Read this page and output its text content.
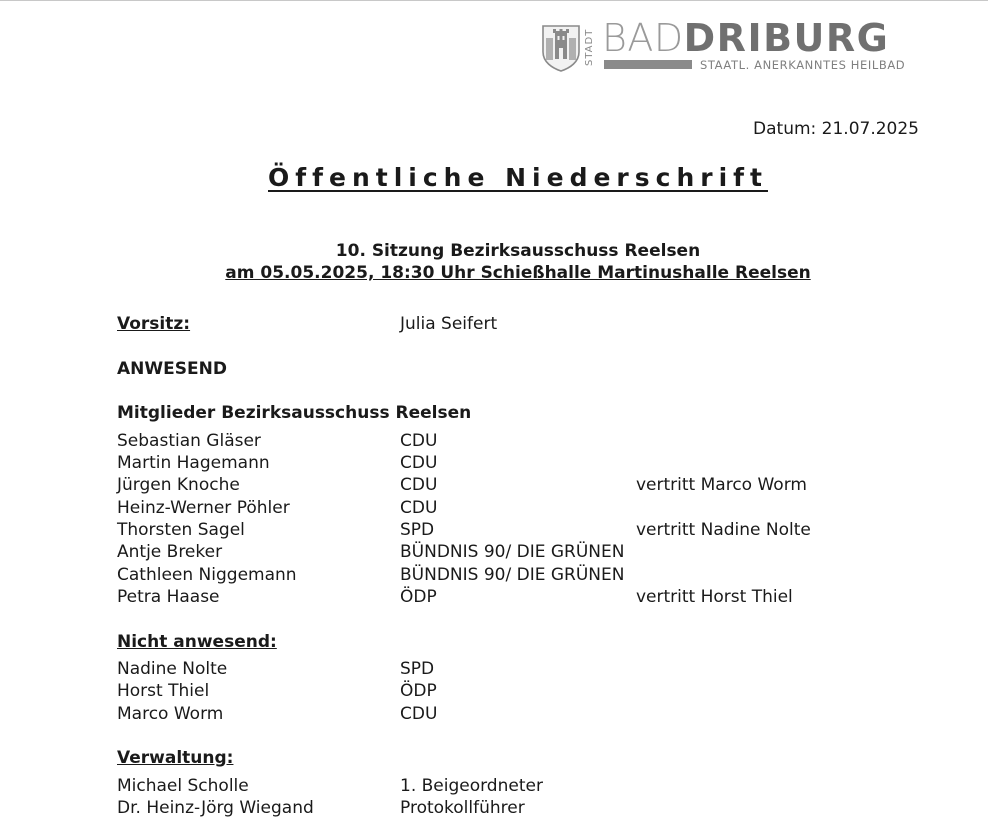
STADT BADDRIBURG
STAATL. ANERKANNTES HEILBAD
Datum: 21.07.2025
Öffentliche Niederschrift
10. Sitzung Bezirksausschuss Reelsen
am 05.05.2025, 18:30 Uhr Schießhalle Martinushalle Reelsen
Vorsitz:	Julia Seifert
ANWESEND
Mitglieder Bezirksausschuss Reelsen
Sebastian Gläser	CDU
Martin Hagemann	CDU
Jürgen Knoche	CDU	vertritt Marco Worm
Heinz-Werner Pöhler	CDU
Thorsten Sagel	SPD	vertritt Nadine Nolte
Antje Breker	BÜNDNIS 90/ DIE GRÜNEN
Cathleen Niggemann	BÜNDNIS 90/ DIE GRÜNEN
Petra Haase	ÖDP	vertritt Horst Thiel
Nicht anwesend:
Nadine Nolte	SPD
Horst Thiel	ÖDP
Marco Worm	CDU
Verwaltung:
Michael Scholle	1. Beigeordneter
Dr. Heinz-Jörg Wiegand	Protokollführer
